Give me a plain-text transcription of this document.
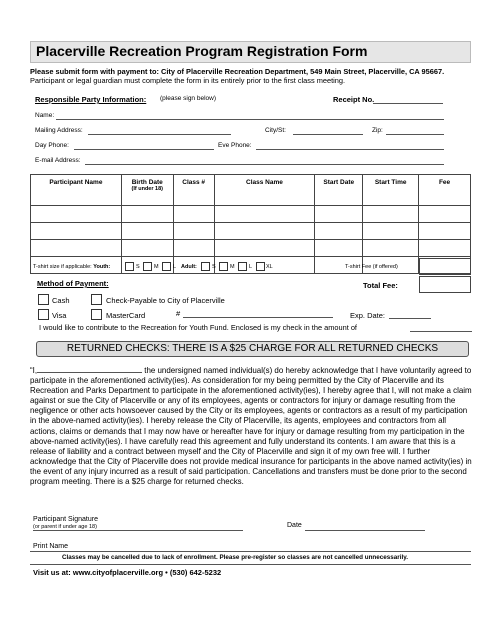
Placerville Recreation Program Registration Form
Please submit form with payment to: City of Placerville Recreation Department, 549 Main Street, Placerville, CA 95667. Participant or legal guardian must complete the form in its entirely prior to the first class meeting.
Responsible Party Information: (please sign below)	Receipt No.
Name:
Mailing Address:	City/St:	Zip:
Day Phone:	Eve Phone:
E-mail Address:
Participant Name	Birth Date
(If under 18)	Class #	Class Name	Start Date	Start Time	Fee

T-shirt size if applicable: Youth:	S	M	L Adult:	S	M	L	XL	T-shirt Fee (if offered)
Method of Payment:	Total Fee:
Cash	Check-Payable to City of Placerville
Visa	MasterCard	#	Exp. Date:
I would like to contribute to the Recreation for Youth Fund. Enclosed is my check in the amount of
RETURNED CHECKS: THERE IS A $25 CHARGE FOR ALL RETURNED CHECKS
“I,	the undersigned named individual(s) do hereby acknowledge that I have voluntarily agreed to participate in the aforementioned activity(ies). As consideration for my being permitted by the City of Placerville and its Recreation and Parks Department to participate in the aforementioned activity(ies), I hereby agree that I, will not make a claim against or sue the City of Placerville or any of its employees, agents or contractors for injury or damage resulting from the negligence or other acts howsoever caused by the City or its employees, agents or contractors as a result of my participation in the above-named activity(ies). I hereby release the City of Placerville, its agents, employees and contractors from all actions, claims or demands that I may now have or hereafter have for injury or damage resulting from my participation in the above-named activity(ies). I have carefully read this agreement and fully understand its contents. I am aware that this is a release of liability and a contract between myself and the City of Placerville and sign it of my own free will. I further acknowledge that the City of Placerville does not provide medical insurance for participants in the above named activity(ies) in the event of any injury incurred as a result of said participation. Cancellations and transfers must be done prior to the second program meeting. There is a $25 charge for returned checks.
Participant Signature
(or parent if under age 18)	Date
Print Name
Classes may be cancelled due to lack of enrollment. Please pre-register so classes are not cancelled unnecessarily.
Visit us at: www.cityofplacerville.org • (530) 642-5232
